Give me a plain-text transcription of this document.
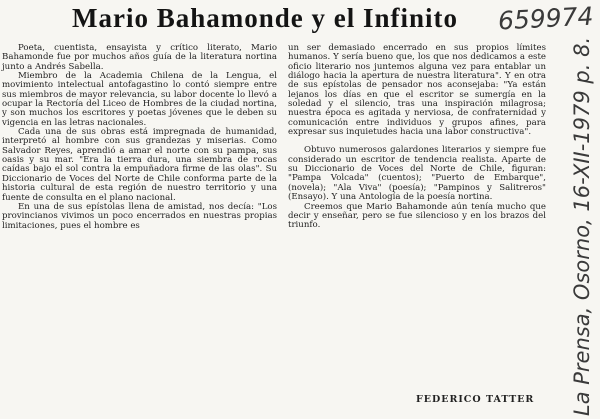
Mario Bahamonde y el Infinito	659974

Poeta, cuentista, ensayista y crítico literato, Mario Bahamonde fue por muchos años guía de la literatura nortina junto a Andrés Sabella.

Miembro de la Academia Chilena de la Lengua, el movimiento intelectual antofagastino lo contó siempre entre sus miembros de mayor relevancia, su labor docente lo llevó a ocupar la Rectoría del Liceo de Hombres de la ciudad nortina, y son muchos los escritores y poetas jóvenes que le deben su vigencia en las letras nacionales.

Cada una de sus obras está impregnada de humanidad, interpretó al hombre con sus grandezas y miserias. Como Salvador Reyes, aprendió a amar el norte con su pampa, sus oasis y su mar. "Era la tierra dura, una siembra de rocas caídas bajo el sol contra la empuñadora firme de las olas". Su Diccionario de Voces del Norte de Chile conforma parte de la historia cultural de esta región de nuestro territorio y una fuente de consulta en el plano nacional.

En una de sus epístolas llena de amistad, nos decía: "Los provincianos vivimos un poco encerrados en nuestras propias limitaciones, pues el hombre es

un ser demasiado encerrado en sus propios límites humanos. Y sería bueno que, los que nos dedicamos a este oficio literario nos juntemos alguna vez para entablar un diálogo hacia la apertura de nuestra literatura". Y en otra de sus epístolas de pensador nos aconsejaba: "Ya están lejanos los días en que el escritor se sumergía en la soledad y el silencio, tras una inspiración milagrosa; nuestra época es agitada y nerviosa, de confraternidad y comunicación entre individuos y grupos afines, para expresar sus inquietudes hacia una labor constructiva".

Obtuvo numerosos galardones literarios y siempre fue considerado un escritor de tendencia realista. Aparte de su Diccionario de Voces del Norte de Chile, figuran: "Pampa Volcada" (cuentos); "Puerto de Embarque", (novela); "Ala Viva" (poesía); "Pampinos y Salitreros" (Ensayo). Y una Antología de la poesía nortina.

Creemos que Mario Bahamonde aún tenía mucho que decir y enseñar, pero se fue silencioso y en los brazos del triunfo.

FEDERICO TATTER La Prensa, Osorno, 16-XII-1979 p. 8.
